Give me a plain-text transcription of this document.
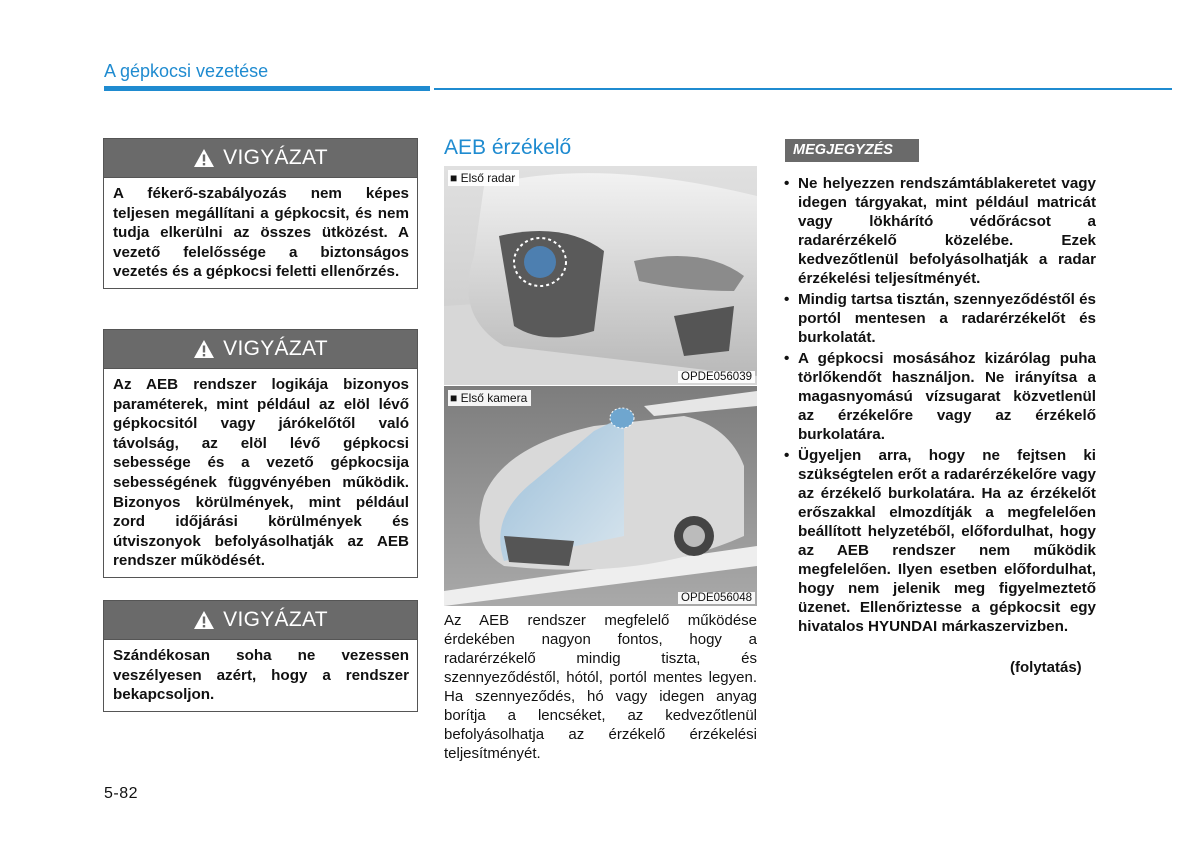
A gépkocsi vezetése
VIGYÁZAT
A fékerő-szabályozás nem képes teljesen megállítani a gépkocsit, és nem tudja elkerülni az összes ütközést. A vezető felelőssége a biztonságos vezetés és a gépkocsi feletti ellenőrzés.
VIGYÁZAT
Az AEB rendszer logikája bizonyos paraméterek, mint például az elöl lévő gépkocsitól vagy járókelőtől való távolság, az elöl lévő gépkocsi sebessége és a vezető gépkocsija sebességének függvényében működik. Bizonyos körülmények, mint például zord időjárási körülmények és útviszonyok befolyásolhatják az AEB rendszer működését.
VIGYÁZAT
Szándékosan soha ne vezessen veszélyesen azért, hogy a rendszer bekapcsoljon.
AEB érzékelő
■ Első radar
OPDE056039
■ Első kamera
OPDE056048
Az AEB rendszer megfelelő működése érdekében nagyon fontos, hogy a radarérzékelő mindig tiszta, és szennyeződéstől, hótól, portól mentes legyen. Ha szennyeződés, hó vagy idegen anyag borítja a lencséket, az kedvezőtlenül befolyásolhatja az érzékelő érzékelési teljesítményét.
MEGJEGYZÉS
• Ne helyezzen rendszámtáblakeretet vagy idegen tárgyakat, mint például matricát vagy lökhárító védőrácsot a radarérzékelő közelébe. Ezek kedvezőtlenül befolyásolhatják a radar érzékelési teljesítményét.
• Mindig tartsa tisztán, szennyeződéstől és portól mentesen a radarérzékelőt és burkolatát.
• A gépkocsi mosásához kizárólag puha törlőkendőt használjon. Ne irányítsa a magasnyomású vízsugarat közvetlenül az érzékelőre vagy az érzékelő burkolatára.
• Ügyeljen arra, hogy ne fejtsen ki szükségtelen erőt a radarérzékelőre vagy az érzékelő burkolatára. Ha az érzékelőt erőszakkal elmozdítják a megfelelően beállított helyzetéből, előfordulhat, hogy az AEB rendszer nem működik megfelelően. Ilyen esetben előfordulhat, hogy nem jelenik meg figyelmeztető üzenet. Ellenőriztesse a gépkocsit egy hivatalos HYUNDAI márkaszervizben.
(folytatás)
5-82
